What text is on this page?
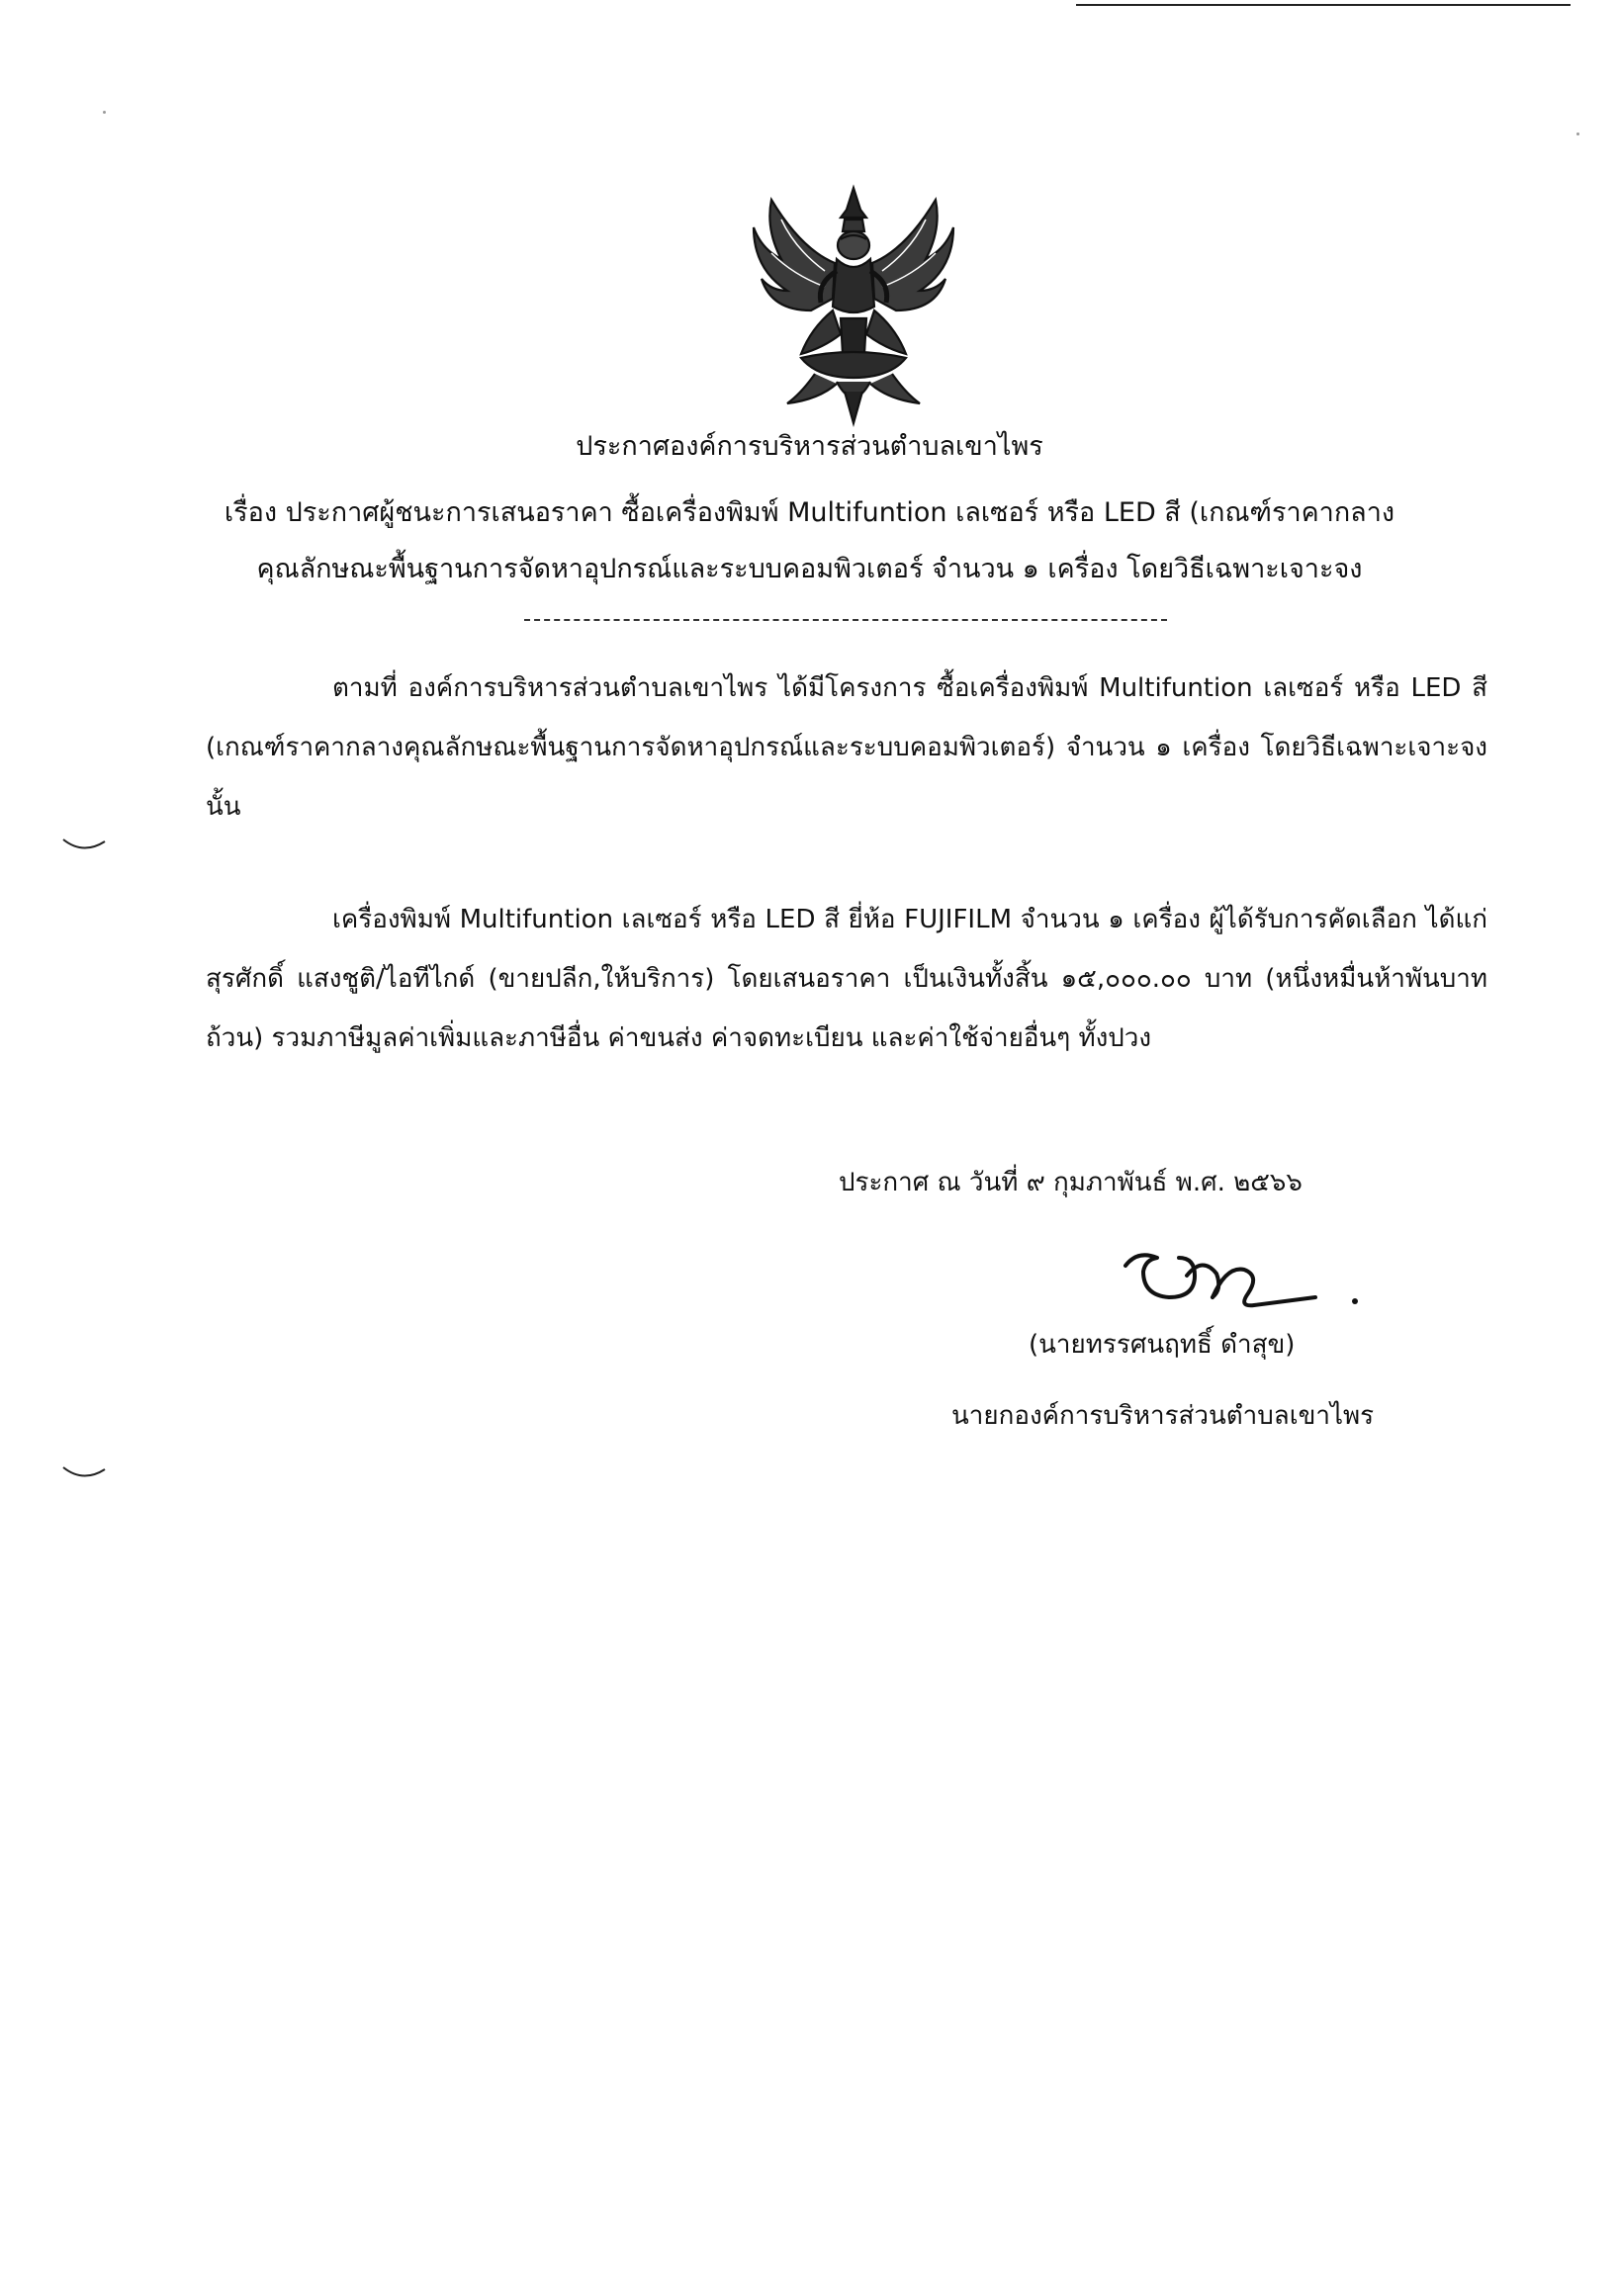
ประกาศองค์การบริหารส่วนตำบลเขาไพร
เรื่อง ประกาศผู้ชนะการเสนอราคา ซื้อเครื่องพิมพ์ Multifuntion เลเซอร์ หรือ LED สี (เกณฑ์ราคากลาง
คุณลักษณะพื้นฐานการจัดหาอุปกรณ์และระบบคอมพิวเตอร์ จำนวน ๑ เครื่อง โดยวิธีเฉพาะเจาะจง

ตามที่ องค์การบริหารส่วนตำบลเขาไพร ได้มีโครงการ ซื้อเครื่องพิมพ์ Multifuntion เลเซอร์ หรือ LED สี (เกณฑ์ราคากลางคุณลักษณะพื้นฐานการจัดหาอุปกรณ์และระบบคอมพิวเตอร์) จำนวน ๑ เครื่อง โดยวิธีเฉพาะเจาะจง นั้น

เครื่องพิมพ์ Multifuntion เลเซอร์ หรือ LED สี ยี่ห้อ FUJIFILM จำนวน ๑ เครื่อง ผู้ได้รับการคัดเลือก ได้แก่ สุรศักดิ์ แสงชูติ/ไอทีไกด์ (ขายปลีก,ให้บริการ) โดยเสนอราคา เป็นเงินทั้งสิ้น ๑๕,๐๐๐.๐๐ บาท (หนึ่งหมื่นห้าพันบาทถ้วน) รวมภาษีมูลค่าเพิ่มและภาษีอื่น ค่าขนส่ง ค่าจดทะเบียน และค่าใช้จ่ายอื่นๆ ทั้งปวง

ประกาศ ณ วันที่ ๙ กุมภาพันธ์ พ.ศ. ๒๕๖๖
(นายทรรศนฤทธิ์ ดำสุข)
นายกองค์การบริหารส่วนตำบลเขาไพร
